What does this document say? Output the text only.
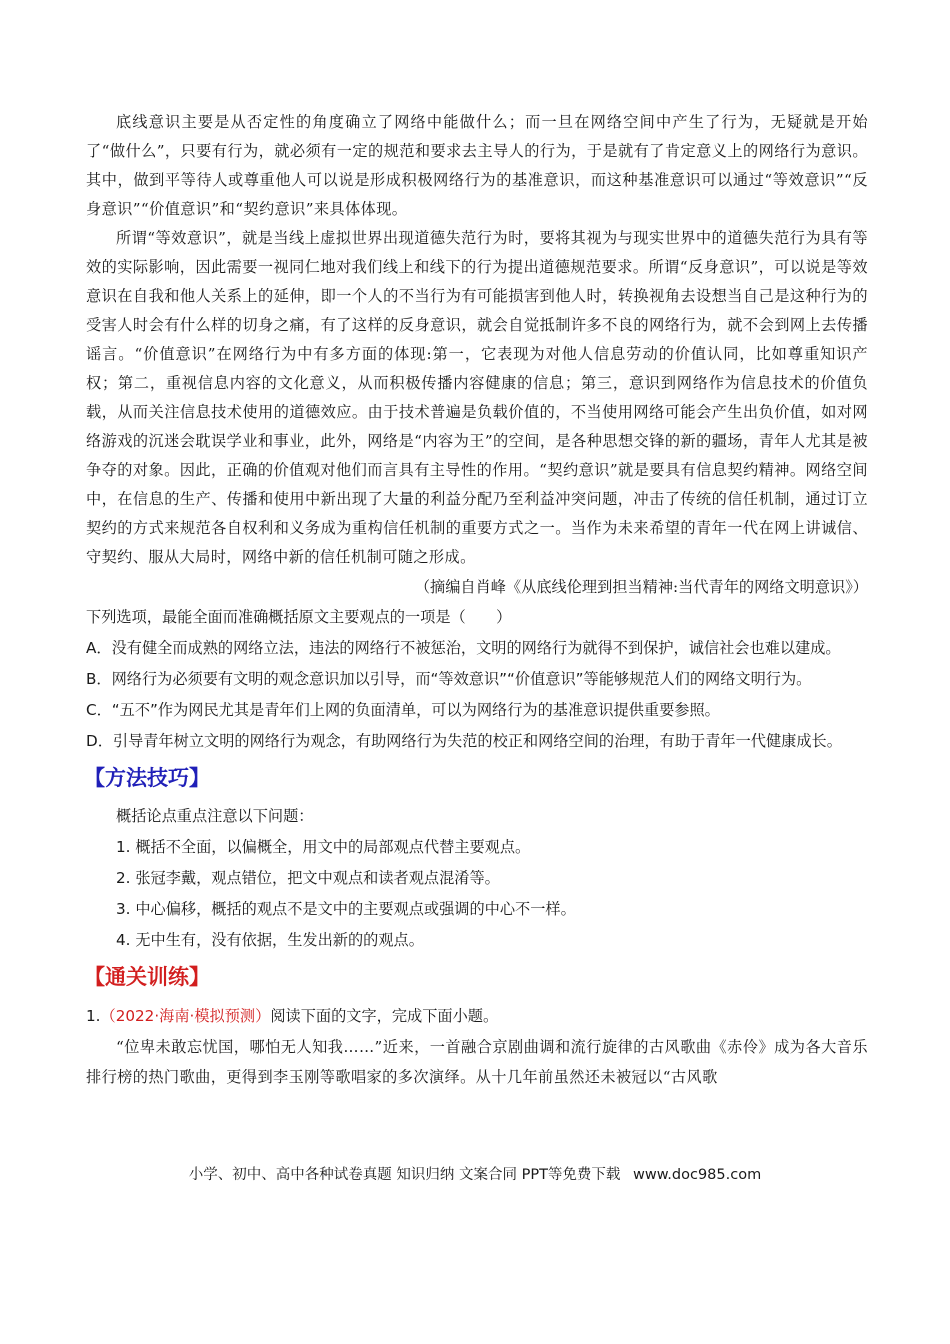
底线意识主要是从否定性的角度确立了网络中能做什么；而一旦在网络空间中产生了行为，无疑就是开始了“做什么”，只要有行为，就必须有一定的规范和要求去主导人的行为，于是就有了肯定意义上的网络行为意识。其中，做到平等待人或尊重他人可以说是形成积极网络行为的基准意识，而这种基准意识可以通过“等效意识”“反身意识”“价值意识”和“契约意识”来具体体现。

所谓“等效意识”，就是当线上虚拟世界出现道德失范行为时，要将其视为与现实世界中的道德失范行为具有等效的实际影响，因此需要一视同仁地对我们线上和线下的行为提出道德规范要求。所谓“反身意识”，可以说是等效意识在自我和他人关系上的延伸，即一个人的不当行为有可能损害到他人时，转换视角去设想当自己是这种行为的受害人时会有什么样的切身之痛，有了这样的反身意识，就会自觉抵制许多不良的网络行为，就不会到网上去传播谣言。“价值意识”在网络行为中有多方面的体现:第一，它表现为对他人信息劳动的价值认同，比如尊重知识产权；第二，重视信息内容的文化意义，从而积极传播内容健康的信息；第三，意识到网络作为信息技术的价值负载，从而关注信息技术使用的道德效应。由于技术普遍是负载价值的，不当使用网络可能会产生出负价值，如对网络游戏的沉迷会耽误学业和事业，此外，网络是“内容为王”的空间，是各种思想交锋的新的疆场，青年人尤其是被争夺的对象。因此，正确的价值观对他们而言具有主导性的作用。“契约意识”就是要具有信息契约精神。网络空间中，在信息的生产、传播和使用中新出现了大量的利益分配乃至利益冲突问题，冲击了传统的信任机制，通过订立契约的方式来规范各自权利和义务成为重构信任机制的重要方式之一。当作为未来希望的青年一代在网上讲诚信、守契约、服从大局时，网络中新的信任机制可随之形成。

（摘编自肖峰《从底线伦理到担当精神:当代青年的网络文明意识》）

下列选项，最能全面而准确概括原文主要观点的一项是（　　）

A．没有健全而成熟的网络立法，违法的网络行不被惩治，文明的网络行为就得不到保护，诚信社会也难以建成。

B．网络行为必须要有文明的观念意识加以引导，而“等效意识”“价值意识”等能够规范人们的网络文明行为。

C．“五不”作为网民尤其是青年们上网的负面清单，可以为网络行为的基准意识提供重要参照。

D．引导青年树立文明的网络行为观念，有助网络行为失范的校正和网络空间的治理，有助于青年一代健康成长。

【方法技巧】

概括论点重点注意以下问题：

1. 概括不全面，以偏概全，用文中的局部观点代替主要观点。

2. 张冠李戴，观点错位，把文中观点和读者观点混淆等。

3. 中心偏移，概括的观点不是文中的主要观点或强调的中心不一样。

4. 无中生有，没有依据，生发出新的的观点。

【通关训练】

1.（2022·海南·模拟预测）阅读下面的文字，完成下面小题。

“位卑未敢忘忧国，哪怕无人知我……”近来，一首融合京剧曲调和流行旋律的古风歌曲《赤伶》成为各大音乐排行榜的热门歌曲，更得到李玉刚等歌唱家的多次演绎。从十几年前虽然还未被冠以“古风歌

小学、初中、高中各种试卷真题 知识归纳 文案合同 PPT等免费下载 www.doc985.com
